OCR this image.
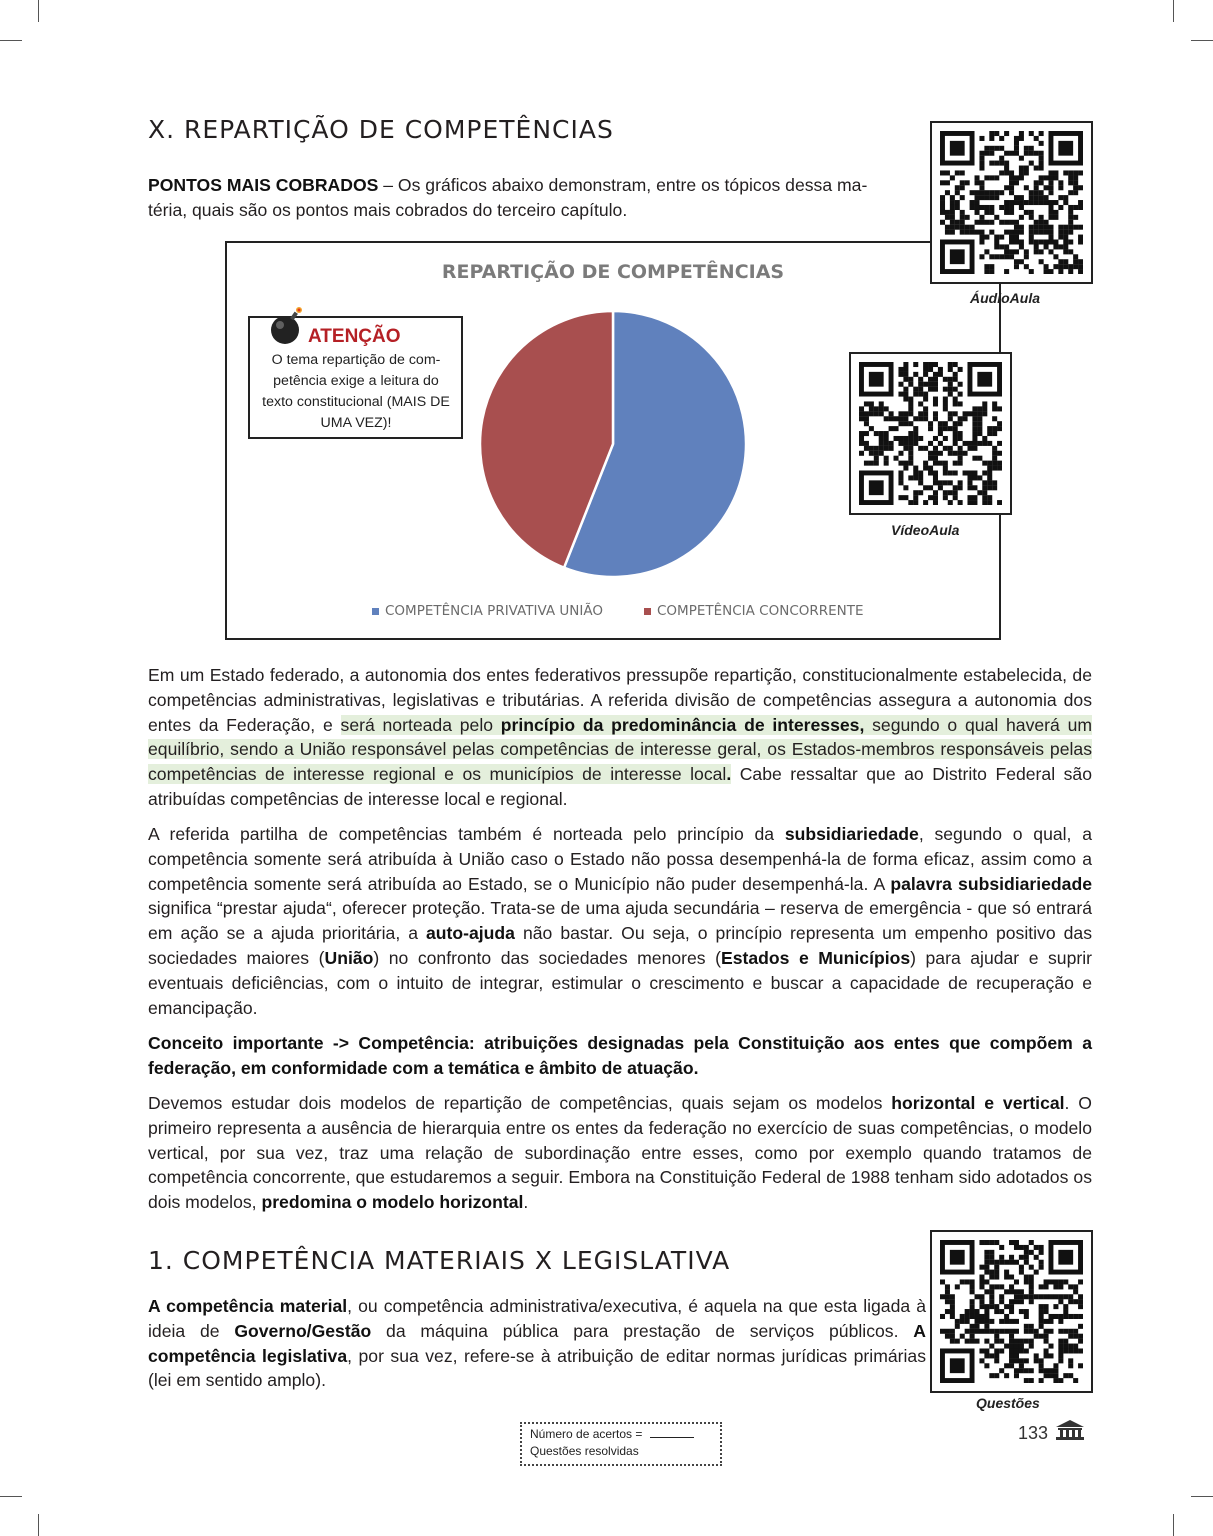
X. REPARTIÇÃO DE COMPETÊNCIAS
PONTOS MAIS COBRADOS – Os gráficos abaixo demonstram, entre os tópicos dessa ma-
téria, quais são os pontos mais cobrados do terceiro capítulo.
REPARTIÇÃO DE COMPETÊNCIAS
COMPETÊNCIA PRIVATIVA UNIÃO	COMPETÊNCIA CONCORRENTE
ATENÇÃO
O tema repartição de com-petência exige a leitura do texto constitucional (MAIS DE UMA VEZ)!
ÁudioAula
VídeoAula
Em um Estado federado, a autonomia dos entes federativos pressupõe repartição, constitucionalmente estabelecida, de competências administrativas, legislativas e tributárias. A referida divisão de competências assegura a autonomia dos entes da Federação, e será norteada pelo princípio da predominância de interesses, segundo o qual haverá um equilíbrio, sendo a União responsável pelas competências de interesse geral, os Estados-membros responsáveis pelas competências de interesse regional e os municípios de interesse local. Cabe ressaltar que ao Distrito Federal são atribuídas competências de interesse local e regional.
A referida partilha de competências também é norteada pelo princípio da subsidiariedade, segundo o qual, a competência somente será atribuída à União caso o Estado não possa desempenhá-la de forma eficaz, assim como a competência somente será atribuída ao Estado, se o Município não puder desempenhá-la. A palavra subsidiariedade significa “prestar ajuda“, oferecer proteção. Trata-se de uma ajuda secundária – reserva de emergência - que só entrará em ação se a ajuda prioritária, a auto-ajuda não bastar. Ou seja, o princípio representa um empenho positivo das sociedades maiores (União) no confronto das sociedades menores (Estados e Municípios) para ajudar e suprir eventuais deficiências, com o intuito de integrar, estimular o crescimento e buscar a capacidade de recuperação e emancipação.
Conceito importante -> Competência: atribuições designadas pela Constituição aos entes que compõem a federação, em conformidade com a temática e âmbito de atuação.
Devemos estudar dois modelos de repartição de competências, quais sejam os modelos horizontal e vertical. O primeiro representa a ausência de hierarquia entre os entes da federação no exercício de suas competências, o modelo vertical, por sua vez, traz uma relação de subordinação entre esses, como por exemplo quando tratamos de competência concorrente, que estudaremos a seguir. Embora na Constituição Federal de 1988 tenham sido adotados os dois modelos, predomina o modelo horizontal.
1. COMPETÊNCIA MATERIAIS X LEGISLATIVA
Questões
A competência material, ou competência administrativa/executiva, é aquela na que esta ligada à ideia de Governo/Gestão da máquina pública para prestação de serviços públicos. A competência legislativa, por sua vez, refere-se à atribuição de editar normas jurídicas primárias (lei em sentido amplo).
Número de acertos =
Questões resolvidas
133
